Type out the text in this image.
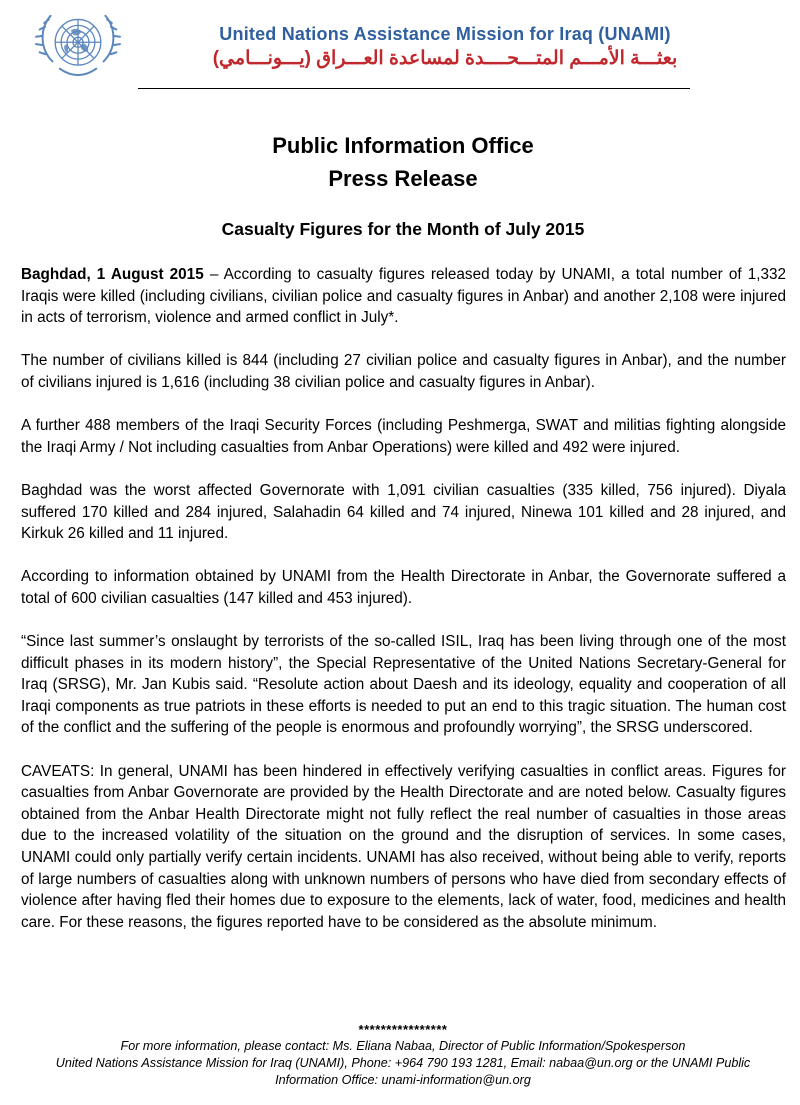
United Nations Assistance Mission for Iraq (UNAMI)
بعثـــة الأمـــم المتـــحــــدة لمساعدة العـــراق (يـــونـــامي)
Public Information Office
Press Release
Casualty Figures for the Month of July 2015

Baghdad, 1 August 2015 – According to casualty figures released today by UNAMI, a total number of 1,332 Iraqis were killed (including civilians, civilian police and casualty figures in Anbar) and another 2,108 were injured in acts of terrorism, violence and armed conflict in July*.

The number of civilians killed is 844 (including 27 civilian police and casualty figures in Anbar), and the number of civilians injured is 1,616 (including 38 civilian police and casualty figures in Anbar).

A further 488 members of the Iraqi Security Forces (including Peshmerga, SWAT and militias fighting alongside the Iraqi Army / Not including casualties from Anbar Operations) were killed and 492 were injured.

Baghdad was the worst affected Governorate with 1,091 civilian casualties (335 killed, 756 injured). Diyala suffered 170 killed and 284 injured, Salahadin 64 killed and 74 injured, Ninewa 101 killed and 28 injured, and Kirkuk 26 killed and 11 injured.

According to information obtained by UNAMI from the Health Directorate in Anbar, the Governorate suffered a total of 600 civilian casualties (147 killed and 453 injured).

“Since last summer’s onslaught by terrorists of the so-called ISIL, Iraq has been living through one of the most difficult phases in its modern history”, the Special Representative of the United Nations Secretary-General for Iraq (SRSG), Mr. Jan Kubis said. “Resolute action about Daesh and its ideology, equality and cooperation of all Iraqi components as true patriots in these efforts is needed to put an end to this tragic situation. The human cost of the conflict and the suffering of the people is enormous and profoundly worrying”, the SRSG underscored.

CAVEATS: In general, UNAMI has been hindered in effectively verifying casualties in conflict areas. Figures for casualties from Anbar Governorate are provided by the Health Directorate and are noted below. Casualty figures obtained from the Anbar Health Directorate might not fully reflect the real number of casualties in those areas due to the increased volatility of the situation on the ground and the disruption of services. In some cases, UNAMI could only partially verify certain incidents. UNAMI has also received, without being able to verify, reports of large numbers of casualties along with unknown numbers of persons who have died from secondary effects of violence after having fled their homes due to exposure to the elements, lack of water, food, medicines and health care. For these reasons, the figures reported have to be considered as the absolute minimum.

****************
For more information, please contact: Ms. Eliana Nabaa, Director of Public Information/Spokesperson
United Nations Assistance Mission for Iraq (UNAMI), Phone: +964 790 193 1281, Email: nabaa@un.org or the UNAMI Public
Information Office: unami-information@un.org
